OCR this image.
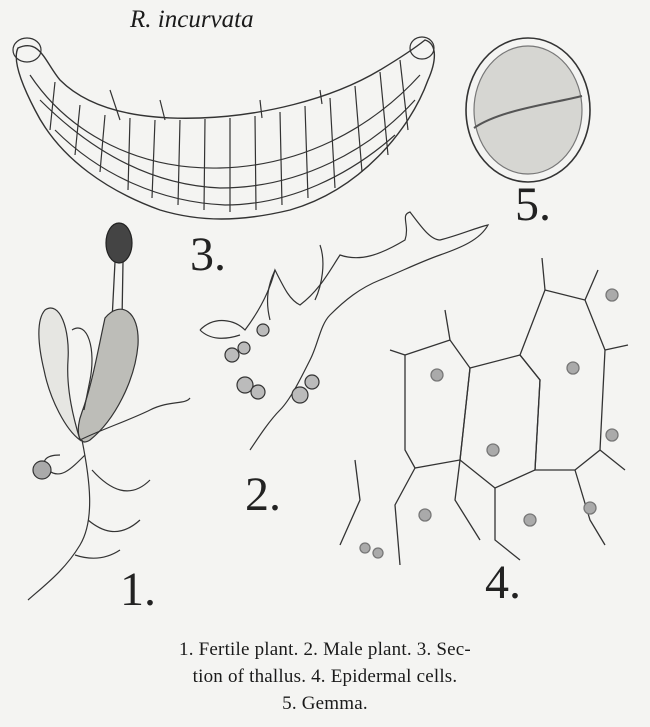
R. incurvata
3.
5.
1.
2.
4.
1. Fertile plant. 2. Male plant. 3. Sec-
tion of thallus. 4. Epidermal cells.
5. Gemma.
